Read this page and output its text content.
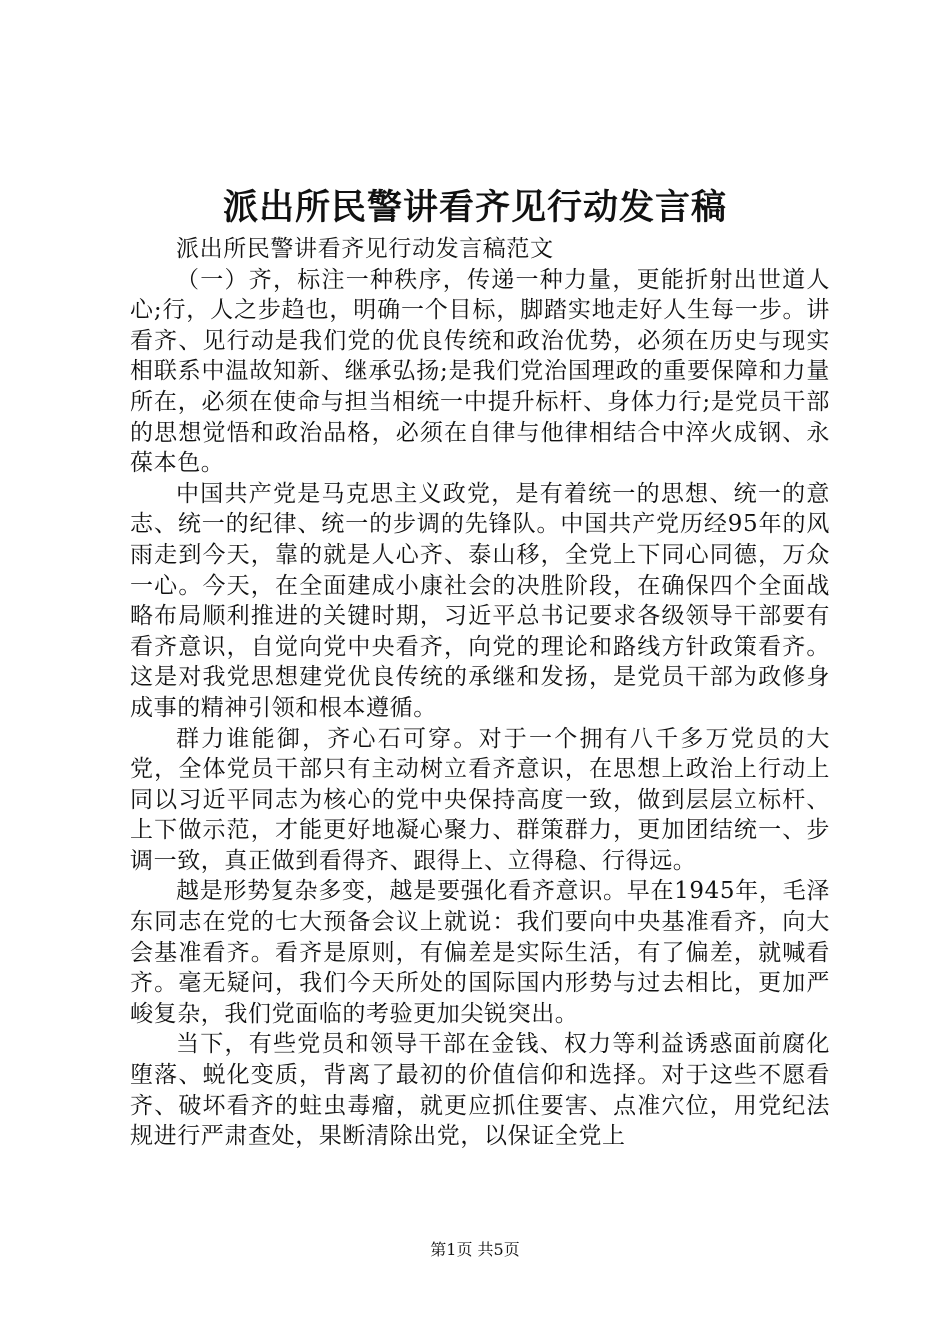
派出所民警讲看齐见行动发言稿

派出所民警讲看齐见行动发言稿范文

（一）齐，标注一种秩序，传递一种力量，更能折射出世道人心;行，人之步趋也，明确一个目标，脚踏实地走好人生每一步。讲看齐、见行动是我们党的优良传统和政治优势，必须在历史与现实相联系中温故知新、继承弘扬;是我们党治国理政的重要保障和力量所在，必须在使命与担当相统一中提升标杆、身体力行;是党员干部的思想觉悟和政治品格，必须在自律与他律相结合中淬火成钢、永葆本色。

中国共产党是马克思主义政党，是有着统一的思想、统一的意志、统一的纪律、统一的步调的先锋队。中国共产党历经95年的风雨走到今天，靠的就是人心齐、泰山移，全党上下同心同德，万众一心。今天，在全面建成小康社会的决胜阶段，在确保四个全面战略布局顺利推进的关键时期，习近平总书记要求各级领导干部要有看齐意识，自觉向党中央看齐，向党的理论和路线方针政策看齐。这是对我党思想建党优良传统的承继和发扬，是党员干部为政修身成事的精神引领和根本遵循。

群力谁能御，齐心石可穿。对于一个拥有八千多万党员的大党，全体党员干部只有主动树立看齐意识，在思想上政治上行动上同以习近平同志为核心的党中央保持高度一致，做到层层立标杆、上下做示范，才能更好地凝心聚力、群策群力，更加团结统一、步调一致，真正做到看得齐、跟得上、立得稳、行得远。

越是形势复杂多变，越是要强化看齐意识。早在1945年，毛泽东同志在党的七大预备会议上就说：我们要向中央基准看齐，向大会基准看齐。看齐是原则，有偏差是实际生活，有了偏差，就喊看齐。毫无疑问，我们今天所处的国际国内形势与过去相比，更加严峻复杂，我们党面临的考验更加尖锐突出。

当下，有些党员和领导干部在金钱、权力等利益诱惑面前腐化堕落、蜕化变质，背离了最初的价值信仰和选择。对于这些不愿看齐、破坏看齐的蛀虫毒瘤，就更应抓住要害、点准穴位，用党纪法规进行严肃查处，果断清除出党，以保证全党上

第1页 共5页
